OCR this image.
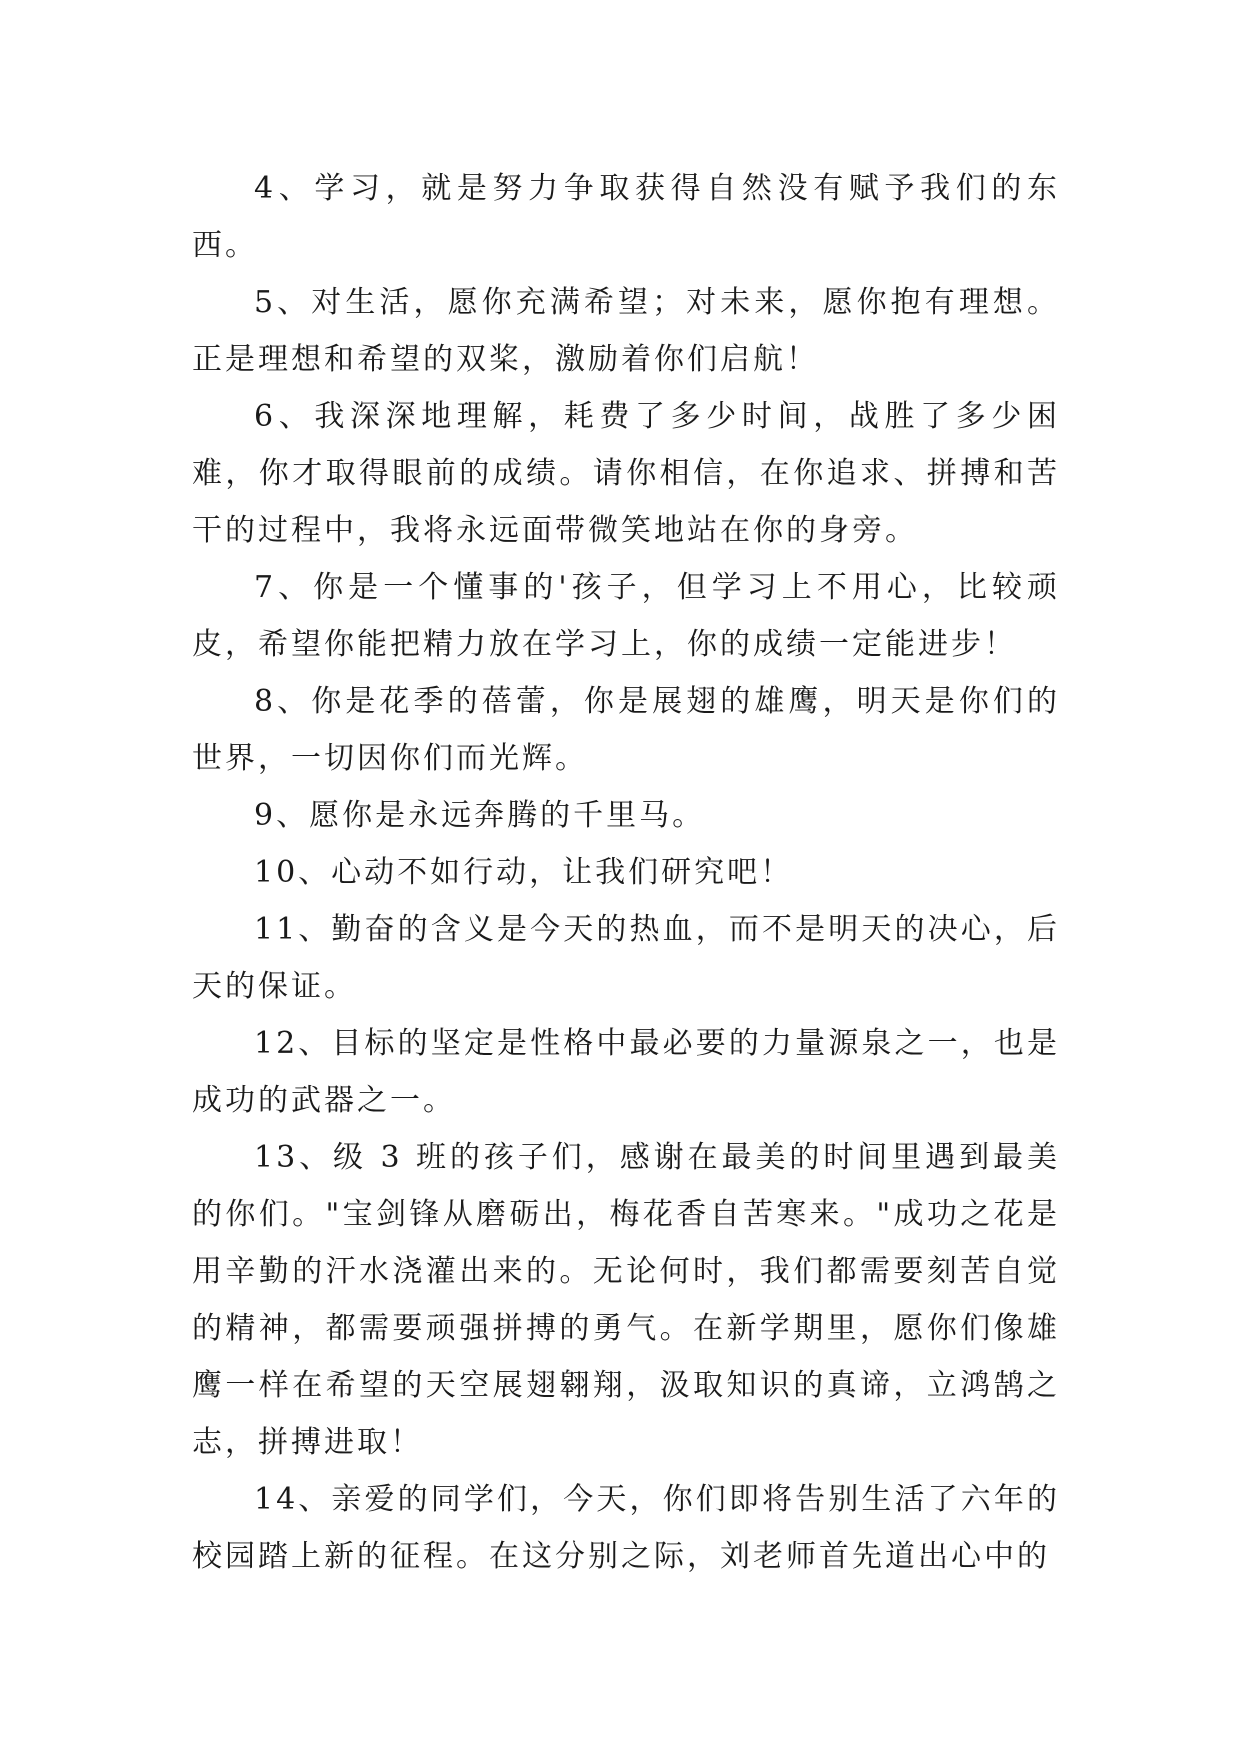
4、学习，就是努力争取获得自然没有赋予我们的东西。

5、对生活，愿你充满希望；对未来，愿你抱有理想。正是理想和希望的双桨，激励着你们启航！

6、我深深地理解，耗费了多少时间，战胜了多少困难，你才取得眼前的成绩。请你相信，在你追求、拼搏和苦干的过程中，我将永远面带微笑地站在你的身旁。

7、你是一个懂事的'孩子，但学习上不用心，比较顽皮，希望你能把精力放在学习上，你的成绩一定能进步！

8、你是花季的蓓蕾，你是展翅的雄鹰，明天是你们的世界，一切因你们而光辉。

9、愿你是永远奔腾的千里马。

10、心动不如行动，让我们研究吧！

11、勤奋的含义是今天的热血，而不是明天的决心，后天的保证。

12、目标的坚定是性格中最必要的力量源泉之一，也是成功的武器之一。

13、级 3 班的孩子们，感谢在最美的时间里遇到最美的你们。"宝剑锋从磨砺出，梅花香自苦寒来。"成功之花是用辛勤的汗水浇灌出来的。无论何时，我们都需要刻苦自觉的精神，都需要顽强拼搏的勇气。在新学期里，愿你们像雄鹰一样在希望的天空展翅翱翔，汲取知识的真谛，立鸿鹄之志，拼搏进取！

14、亲爱的同学们，今天，你们即将告别生活了六年的校园踏上新的征程。在这分别之际，刘老师首先道出心中的
